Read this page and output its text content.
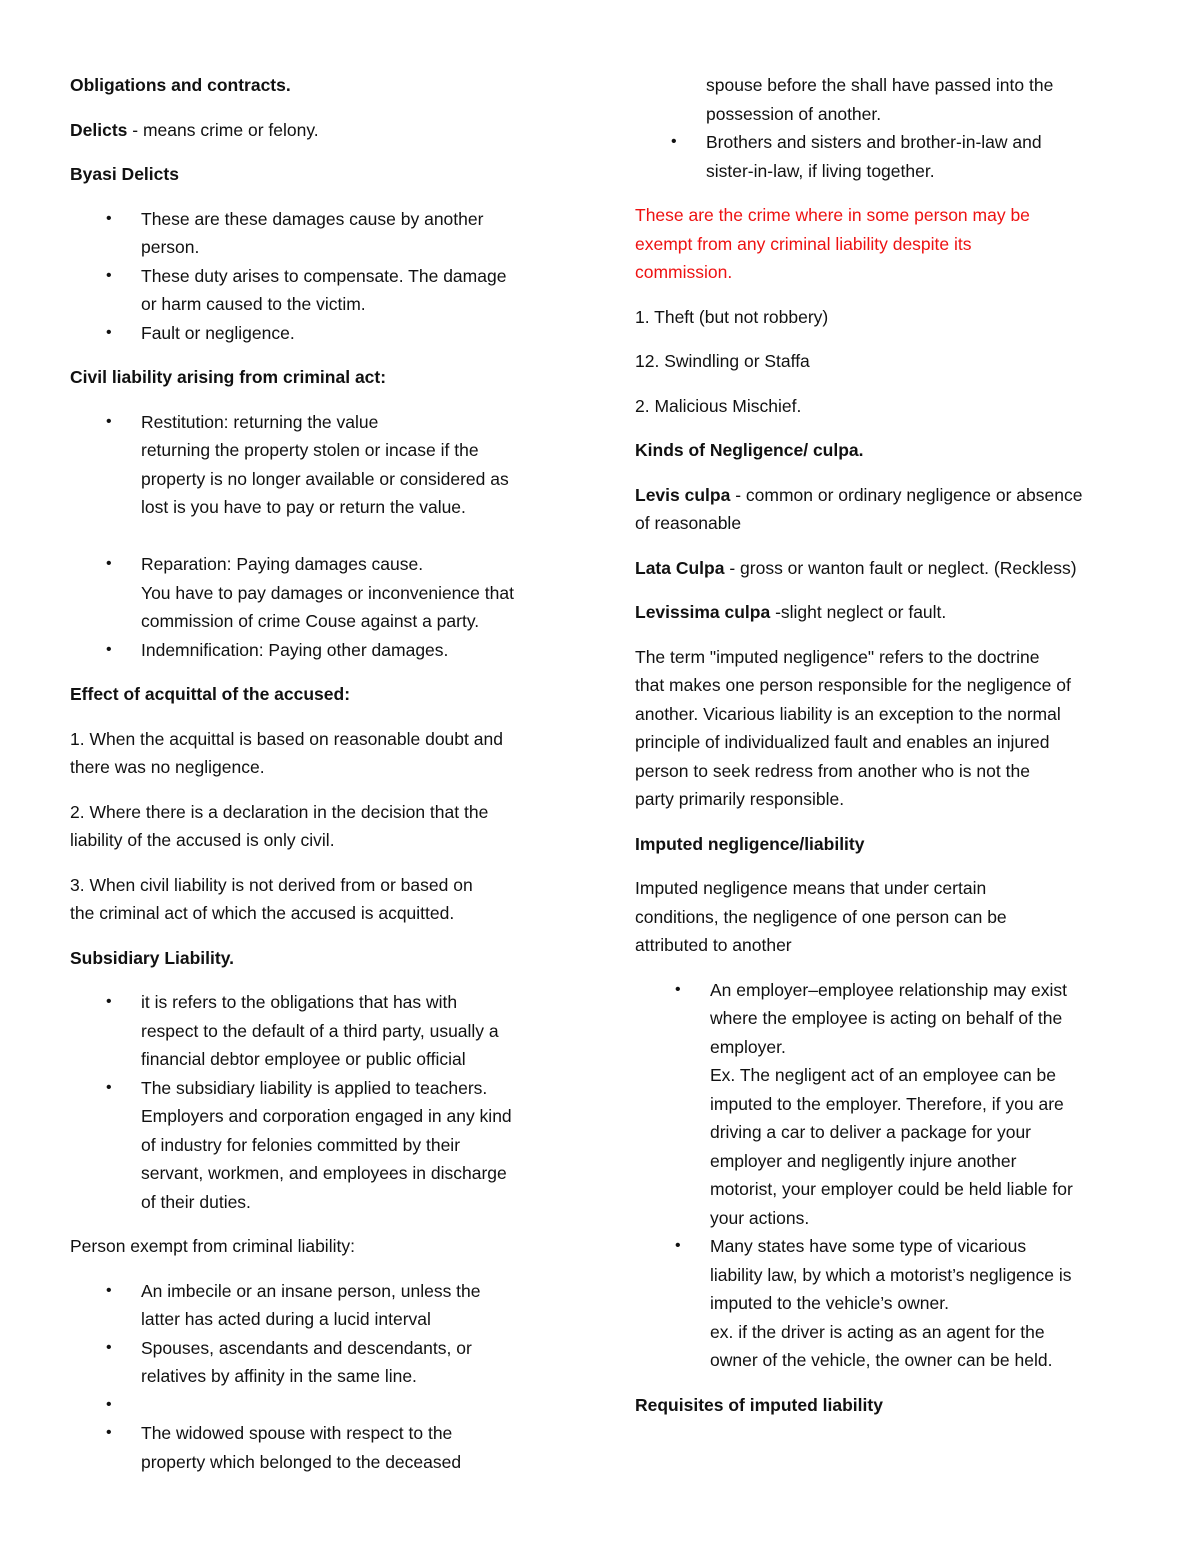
Obligations and contracts.

Delicts - means crime or felony.

Byasi Delicts

• These are these damages cause by another
person.
• These duty arises to compensate. The damage
or harm caused to the victim.
• Fault or negligence.

Civil liability arising from criminal act:

• Restitution: returning the value
returning the property stolen or incase if the
property is no longer available or considered as
lost is you have to pay or return the value.
• Reparation: Paying damages cause.
You have to pay damages or inconvenience that
commission of crime Couse against a party.
• Indemnification: Paying other damages.

Effect of acquittal of the accused:

1. When the acquittal is based on reasonable doubt and
there was no negligence.

2. Where there is a declaration in the decision that the
liability of the accused is only civil.

3. When civil liability is not derived from or based on
the criminal act of which the accused is acquitted.

Subsidiary Liability.

• it is refers to the obligations that has with
respect to the default of a third party, usually a
financial debtor employee or public official
• The subsidiary liability is applied to teachers.
Employers and corporation engaged in any kind
of industry for felonies committed by their
servant, workmen, and employees in discharge
of their duties.

Person exempt from criminal liability:

• An imbecile or an insane person, unless the
latter has acted during a lucid interval
• Spouses, ascendants and descendants, or
relatives by affinity in the same line.
•
• The widowed spouse with respect to the
property which belonged to the deceased
spouse before the shall have passed into the
possession of another.
• Brothers and sisters and brother-in-law and
sister-in-law, if living together.

These are the crime where in some person may be
exempt from any criminal liability despite its
commission.

1. Theft (but not robbery)

12. Swindling or Staffa

2. Malicious Mischief.

Kinds of Negligence/ culpa.

Levis culpa - common or ordinary negligence or absence
of reasonable

Lata Culpa - gross or wanton fault or neglect. (Reckless)

Levissima culpa -slight neglect or fault.

The term "imputed negligence" refers to the doctrine
that makes one person responsible for the negligence of
another. Vicarious liability is an exception to the normal
principle of individualized fault and enables an injured
person to seek redress from another who is not the
party primarily responsible.

Imputed negligence/liability

Imputed negligence means that under certain
conditions, the negligence of one person can be
attributed to another

• An employer–employee relationship may exist
where the employee is acting on behalf of the
employer.
Ex. The negligent act of an employee can be
imputed to the employer. Therefore, if you are
driving a car to deliver a package for your
employer and negligently injure another
motorist, your employer could be held liable for
your actions.
• Many states have some type of vicarious
liability law, by which a motorist’s negligence is
imputed to the vehicle’s owner.
ex. if the driver is acting as an agent for the
owner of the vehicle, the owner can be held.

Requisites of imputed liability
